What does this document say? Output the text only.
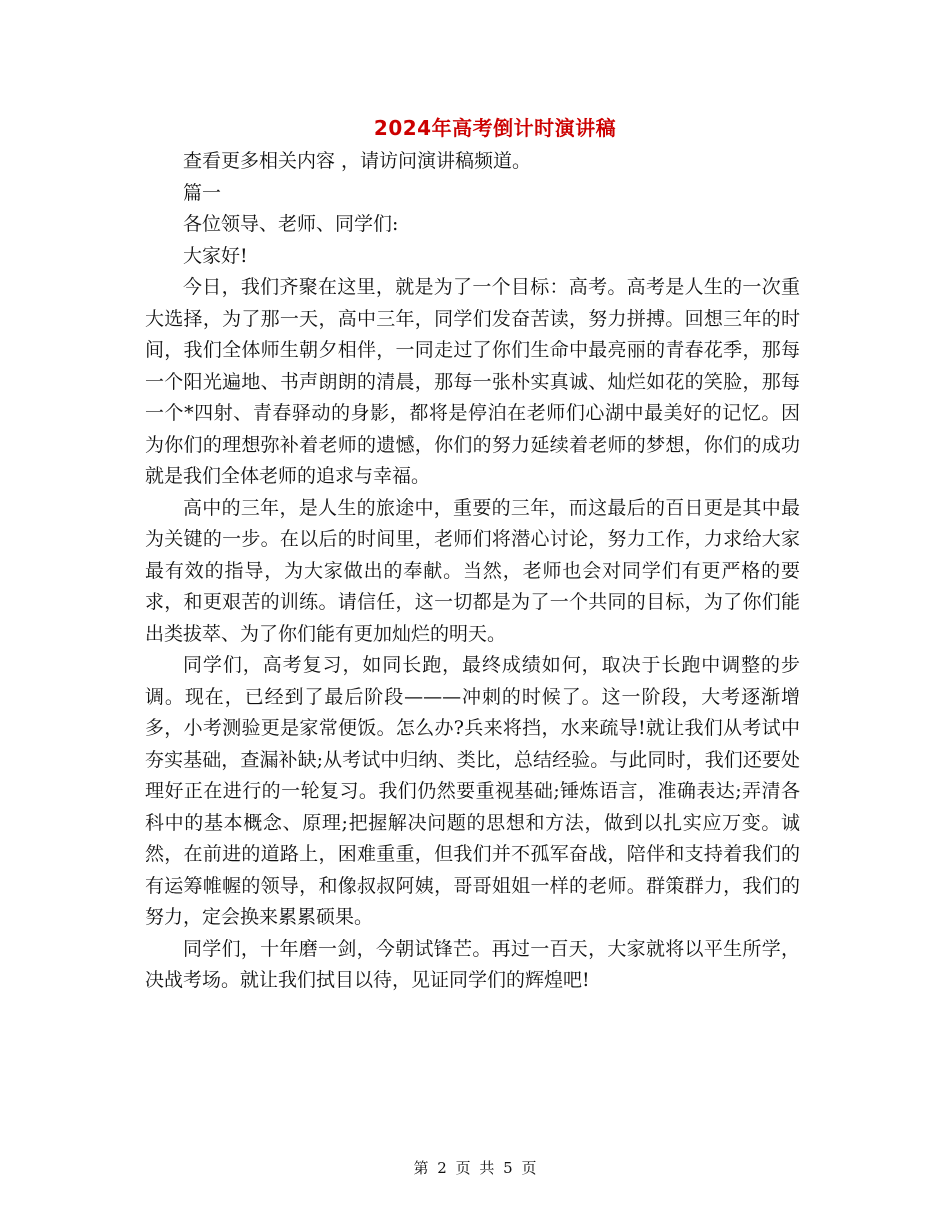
2024年高考倒计时演讲稿

查看更多相关内容 ，请访问演讲稿频道。

篇一

各位领导、老师、同学们:

大家好!

今日，我们齐聚在这里，就是为了一个目标：高考。高考是人生的一次重大选择，为了那一天，高中三年，同学们发奋苦读，努力拼搏。回想三年的时间，我们全体师生朝夕相伴，一同走过了你们生命中最亮丽的青春花季，那每一个阳光遍地、书声朗朗的清晨，那每一张朴实真诚、灿烂如花的笑脸，那每一个*四射、青春驿动的身影，都将是停泊在老师们心湖中最美好的记忆。因为你们的理想弥补着老师的遗憾，你们的努力延续着老师的梦想，你们的成功就是我们全体老师的追求与幸福。

高中的三年，是人生的旅途中，重要的三年，而这最后的百日更是其中最为关键的一步。在以后的时间里，老师们将潜心讨论，努力工作，力求给大家最有效的指导，为大家做出的奉献。当然，老师也会对同学们有更严格的要求，和更艰苦的训练。请信任，这一切都是为了一个共同的目标，为了你们能出类拔萃、为了你们能有更加灿烂的明天。

同学们，高考复习，如同长跑，最终成绩如何，取决于长跑中调整的步调。现在，已经到了最后阶段———冲刺的时候了。这一阶段，大考逐渐增多，小考测验更是家常便饭。怎么办?兵来将挡，水来疏导!就让我们从考试中夯实基础，查漏补缺;从考试中归纳、类比，总结经验。与此同时，我们还要处理好正在进行的一轮复习。我们仍然要重视基础;锤炼语言，准确表达;弄清各科中的基本概念、原理;把握解决问题的思想和方法，做到以扎实应万变。诚然，在前进的道路上，困难重重，但我们并不孤军奋战，陪伴和支持着我们的有运筹帷幄的领导，和像叔叔阿姨，哥哥姐姐一样的老师。群策群力，我们的努力，定会换来累累硕果。

同学们，十年磨一剑，今朝试锋芒。再过一百天，大家就将以平生所学，决战考场。就让我们拭目以待，见证同学们的辉煌吧!

第 2 页 共 5 页
